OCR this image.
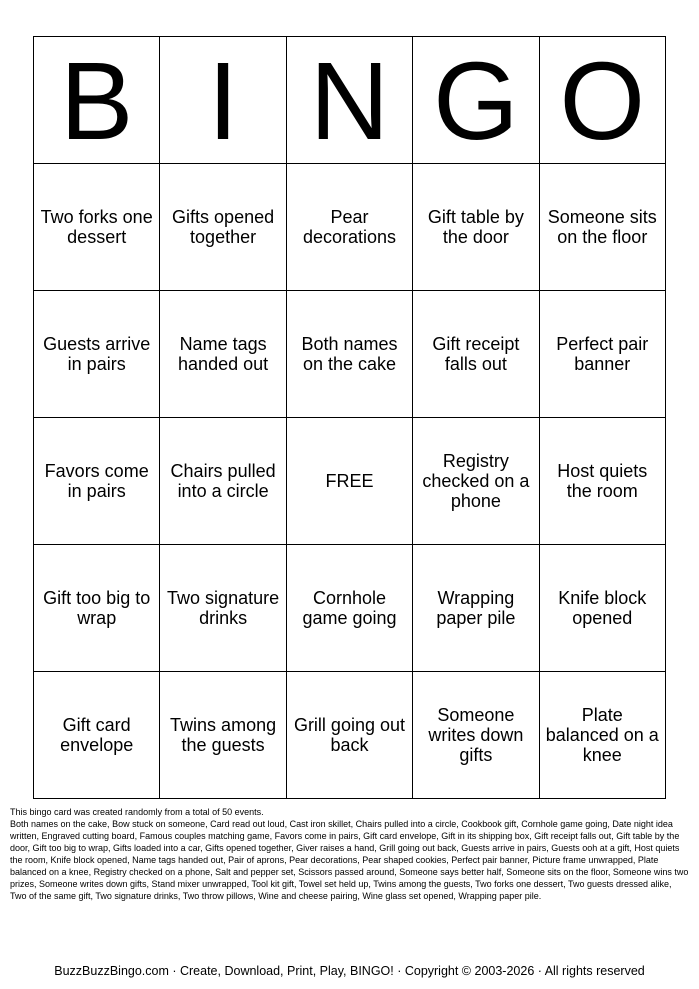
B	I	N	G	O

Two forks one dessert	Gifts opened together	Pear decorations	Gift table by the door	Someone sits on the floor
Guests arrive in pairs	Name tags handed out	Both names on the cake	Gift receipt falls out	Perfect pair banner
Favors come in pairs	Chairs pulled into a circle	FREE	Registry checked on a phone	Host quiets the room
Gift too big to wrap	Two signature drinks	Cornhole game going	Wrapping paper pile	Knife block opened
Gift card envelope	Twins among the guests	Grill going out back	Someone writes down gifts	Plate balanced on a knee

This bingo card was created randomly from a total of 50 events.

Both names on the cake, Bow stuck on someone, Card read out loud, Cast iron skillet, Chairs pulled into a circle, Cookbook gift, Cornhole game going, Date night idea written, Engraved cutting board, Famous couples matching game, Favors come in pairs, Gift card envelope, Gift in its shipping box, Gift receipt falls out, Gift table by the door, Gift too big to wrap, Gifts loaded into a car, Gifts opened together, Giver raises a hand, Grill going out back, Guests arrive in pairs, Guests ooh at a gift, Host quiets the room, Knife block opened, Name tags handed out, Pair of aprons, Pear decorations, Pear shaped cookies, Perfect pair banner, Picture frame unwrapped, Plate balanced on a knee, Registry checked on a phone, Salt and pepper set, Scissors passed around, Someone says better half, Someone sits on the floor, Someone wins two prizes, Someone writes down gifts, Stand mixer unwrapped, Tool kit gift, Towel set held up, Twins among the guests, Two forks one dessert, Two guests dressed alike, Two of the same gift, Two signature drinks, Two throw pillows, Wine and cheese pairing, Wine glass set opened, Wrapping paper pile.

BuzzBuzzBingo.com · Create, Download, Print, Play, BINGO! · Copyright © 2003-2026 · All rights reserved
